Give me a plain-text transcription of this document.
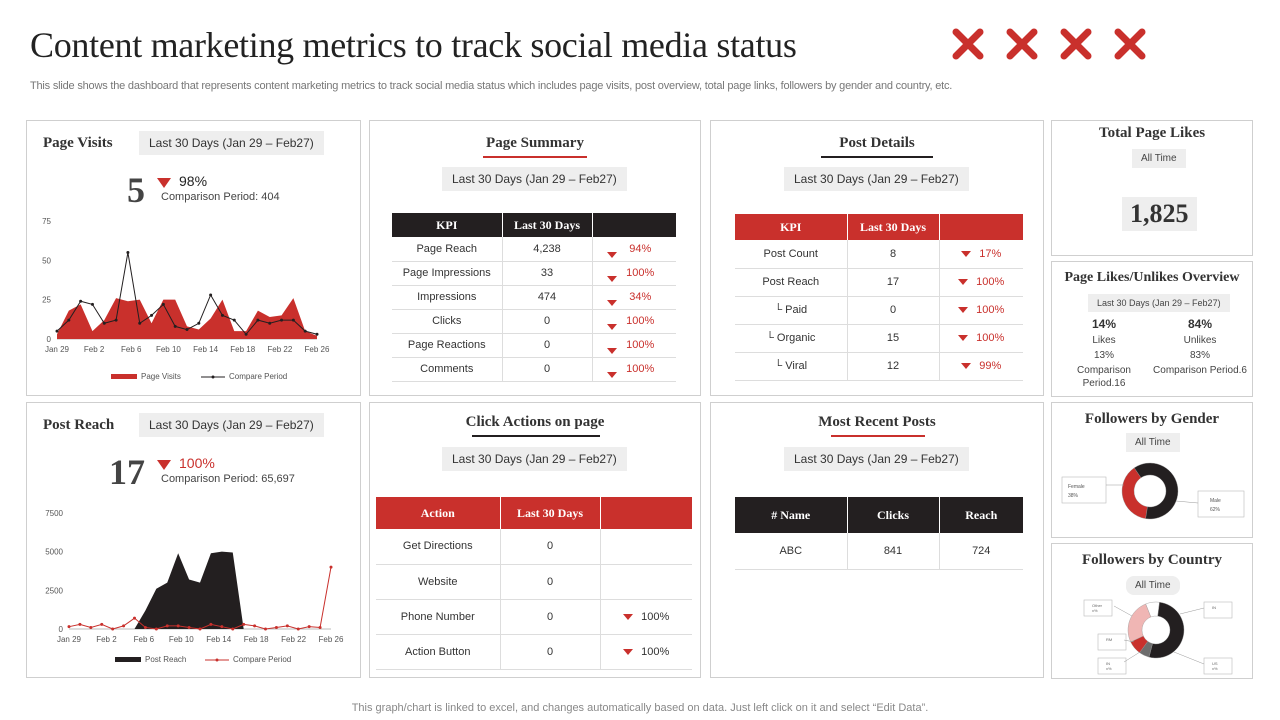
Content marketing metrics to track social media status
This slide shows the dashboard that represents content marketing metrics to track social media status which includes page visits, post overview, total page links, followers by gender and country, etc.
Page Visits	Last 30 Days (Jan 29 – Feb27)
5 98%
Comparison Period: 404
0
25
50
75
Jan 29 Feb 2 Feb 6 Feb 10 Feb 14 Feb 18 Feb 22 Feb 26
Page Visits	Compare Period
Post Reach	Last 30 Days (Jan 29 – Feb27)
17 100%
Comparison Period: 65,697
0
2500
5000
7500
Jan 29 Feb 2 Feb 6 Feb 10 Feb 14 Feb 18 Feb 22 Feb 26
Post Reach	Compare Period
Page Summary
Last 30 Days (Jan 29 – Feb27)
KPI	Last 30 Days	
Page Reach	4,238	94%
Page Impressions	33	100%
Impressions	474	34%
Clicks	0	100%
Page Reactions	0	100%
Comments	0	100%
Post Details
Last 30 Days (Jan 29 – Feb27)
KPI	Last 30 Days	
Post Count	8	17%
Post Reach	17	100%
└ Paid	0	100%
└ Organic	15	100%
└ Viral	12	99%
Click Actions on page
Last 30 Days (Jan 29 – Feb27)
Action	Last 30 Days	
Get Directions	0	
Website	0	
Phone Number	0	100%
Action Button	0	100%
Most Recent Posts
Last 30 Days (Jan 29 – Feb27)
# Name	Clicks	Reach
ABC	841	724
Total Page Likes
All Time
1,825
Page Likes/Unlikes Overview
Last 30 Days (Jan 29 – Feb27)
14%
Likes
13%
Comparison Period.16
84%
Unlikes
83%
Comparison Period.6
Followers by Gender
All Time
Female
38%
Male
62%
Followers by Country
All Time
Other
x%
IN
RM
IN
x%
US
x%
This graph/chart is linked to excel, and changes automatically based on data. Just left click on it and select “Edit Data”.
